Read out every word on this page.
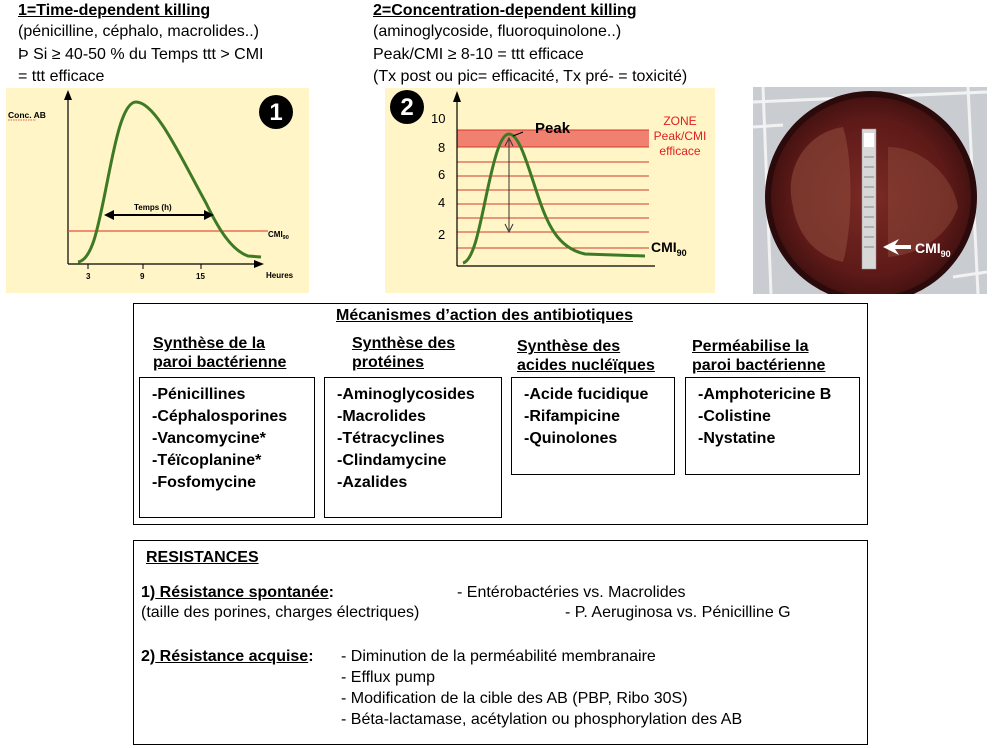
1=Time-dependent killing
(pénicilline, céphalo, macrolides..)
Þ Si ≥ 40-50 % du Temps ttt > CMI
= ttt efficace
1
Conc. AB
Temps (h)
$CMI_{90}$
3	9	15	Heures
2=Concentration-dependent killing
(aminoglycoside, fluoroquinolone..)
Peak/CMI ≥ 8-10 = ttt efficace
(Tx post ou pic= efficacité, Tx pré- = toxicité)
2 10
8
6
4
2
Peak	ZONE
Peak/CMI
efficace
$CMI_{90}$	$CMI_{90}$
Mécanismes d’action des antibiotiques
Synthèse de la
paroi bactérienne
Synthèse des
protéines
Synthèse des
acides nucléïques
Perméabilise la
paroi bactérienne
-Pénicillines
-Céphalosporines
-Vancomycine*
-Téïcoplanine*
-Fosfomycine
-Aminoglycosides
-Macrolides
-Tétracyclines
-Clindamycine
-Azalides
-Acide fucidique
-Rifampicine
-Quinolones
-Amphotericine B
-Colistine
-Nystatine
RESISTANCES
1) Résistance spontanée:	- Entérobactéries vs. Macrolides
(taille des porines, charges électriques)	- P. Aeruginosa vs. Pénicilline G
2) Résistance acquise: - Diminution de la perméabilité membranaire
- Efflux pump
- Modification de la cible des AB (PBP, Ribo 30S)
- Béta-lactamase, acétylation ou phosphorylation des AB
